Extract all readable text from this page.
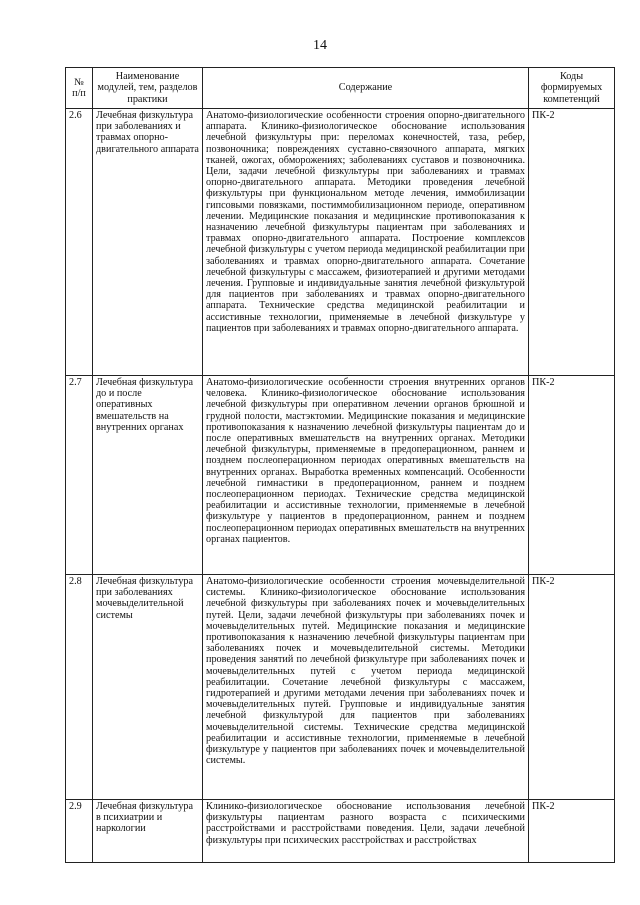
14
№ п/п	Наименование модулей, тем, разделов практики	Содержание	Коды формируемых компетенций
2.6	Лечебная физкультура при заболеваниях и травмах опорно-двигательного аппарата	Анатомо-физиологические особенности строения опорно-двигательного аппарата. Клинико-физиологическое обоснование использования лечебной физкультуры при: переломах конечностей, таза, ребер, позвоночника; повреждениях суставно-связочного аппарата, мягких тканей, ожогах, обморожениях; заболеваниях суставов и позвоночника. Цели, задачи лечебной физкультуры при заболеваниях и травмах опорно-двигательного аппарата. Методики проведения лечебной физкультуры при функциональном методе лечения, иммобилизации гипсовыми повязками, постиммобилизационном периоде, оперативном лечении. Медицинские показания и медицинские противопоказания к назначению лечебной физкультуры пациентам при заболеваниях и травмах опорно-двигательного аппарата. Построение комплексов лечебной физкультуры с учетом периода медицинской реабилитации при заболеваниях и травмах опорно-двигательного аппарата. Сочетание лечебной физкультуры с массажем, физиотерапией и другими методами лечения. Групповые и индивидуальные занятия лечебной физкультурой для пациентов при заболеваниях и травмах опорно-двигательного аппарата. Технические средства медицинской реабилитации и ассистивные технологии, применяемые в лечебной физкультуре у пациентов при заболеваниях и травмах опорно-двигательного аппарата.	ПК-2
2.7	Лечебная физкультура до и после оперативных вмешательств на внутренних органах	Анатомо-физиологические особенности строения внутренних органов человека. Клинико-физиологическое обоснование использования лечебной физкультуры при оперативном лечении органов брюшной и грудной полости, мастэктомии. Медицинские показания и медицинские противопоказания к назначению лечебной физкультуры пациентам до и после оперативных вмешательств на внутренних органах. Методики лечебной физкультуры, применяемые в предоперационном, раннем и позднем послеоперационном периодах оперативных вмешательств на внутренних органах. Выработка временных компенсаций. Особенности лечебной гимнастики в предоперационном, раннем и позднем послеоперационном периодах. Технические средства медицинской реабилитации и ассистивные технологии, применяемые в лечебной физкультуре у пациентов в предоперационном, раннем и позднем послеоперационном периодах оперативных вмешательств на внутренних органах пациентов.	ПК-2
2.8	Лечебная физкультура при заболеваниях мочевыделительной системы	Анатомо-физиологические особенности строения мочевыделительной системы. Клинико-физиологическое обоснование использования лечебной физкультуры при заболеваниях почек и мочевыделительных путей. Цели, задачи лечебной физкультуры при заболеваниях почек и мочевыделительных путей. Медицинские показания и медицинские противопоказания к назначению лечебной физкультуры пациентам при заболеваниях почек и мочевыделительной системы. Методики проведения занятий по лечебной физкультуре при заболеваниях почек и мочевыделительных путей с учетом периода медицинской реабилитации. Сочетание лечебной физкультуры с массажем, гидротерапией и другими методами лечения при заболеваниях почек и мочевыделительных путей. Групповые и индивидуальные занятия лечебной физкультурой для пациентов при заболеваниях мочевыделительной системы. Технические средства медицинской реабилитации и ассистивные технологии, применяемые в лечебной физкультуре у пациентов при заболеваниях почек и мочевыделительной системы.	ПК-2
2.9	Лечебная физкультура в психиатрии и наркологии	Клинико-физиологическое обоснование использования лечебной физкультуры пациентам разного возраста с психическими расстройствами и расстройствами поведения. Цели, задачи лечебной физкультуры при психических расстройствах и расстройствах	ПК-2
